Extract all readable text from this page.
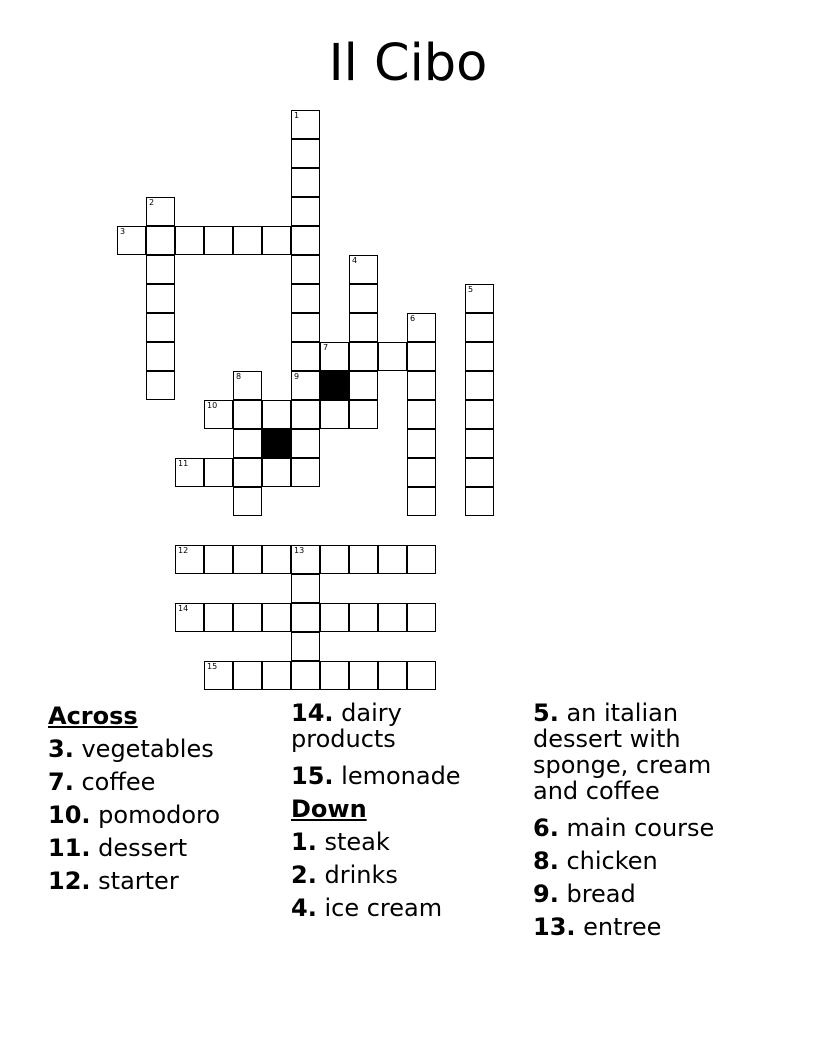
Il Cibo
1
2
3
4
5
6
7
8	9
10
11
12	13
14
15
Across
3. vegetables
7. coffee
10. pomodoro
11. dessert
12. starter
14. dairy products
15. lemonade
Down
1. steak
2. drinks
4. ice cream
5. an italian dessert with sponge, cream and coffee
6. main course
8. chicken
9. bread
13. entree
